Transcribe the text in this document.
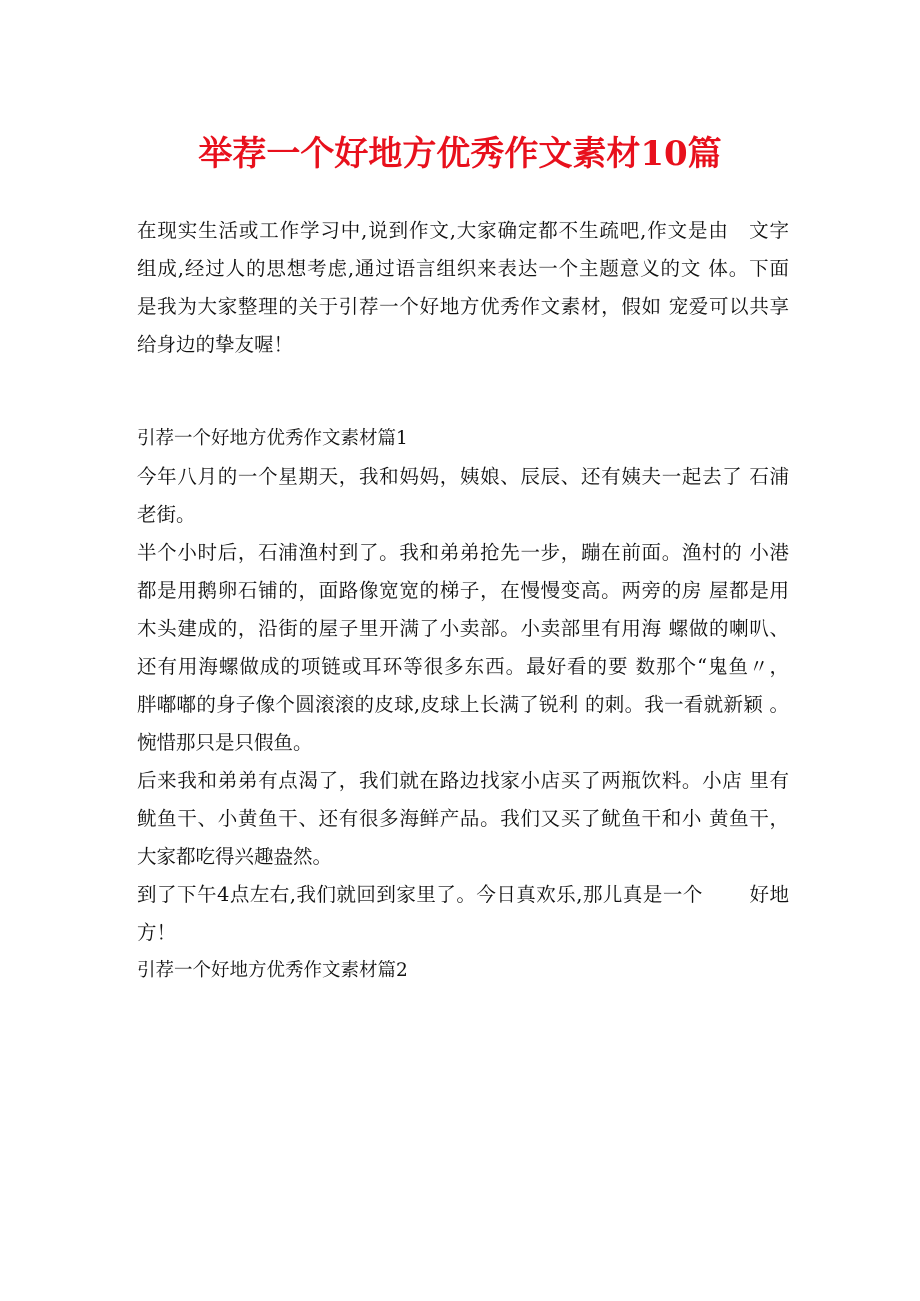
举荐一个好地方优秀作文素材10篇

在现实生活或工作学习中,说到作文,大家确定都不生疏吧,作文是由　文字

组成,经过人的思想考虑,通过语言组织来表达一个主题意义的文 体。下面

是我为大家整理的关于引荐一个好地方优秀作文素材，假如 宠爱可以共享

给身边的挚友喔！

引荐一个好地方优秀作文素材篇1

今年八月的一个星期天，我和妈妈，姨娘、辰辰、还有姨夫一起去了 石浦

老街。

半个小时后，石浦渔村到了。我和弟弟抢先一步，蹦在前面。渔村的 小港

都是用鹅卵石铺的，面路像宽宽的梯子，在慢慢变高。两旁的房 屋都是用

木头建成的，沿街的屋子里开满了小卖部。小卖部里有用海 螺做的喇叭、

还有用海螺做成的项链或耳环等很多东西。最好看的要 数那个“鬼鱼〃，

胖嘟嘟的身子像个圆滚滚的皮球,皮球上长满了锐利 的刺。我一看就新颖 。

惋惜那只是只假鱼。

后来我和弟弟有点渴了，我们就在路边找家小店买了两瓶饮料。小店 里有

鱿鱼干、小黄鱼干、还有很多海鲜产品。我们又买了鱿鱼干和小 黄鱼干，

大家都吃得兴趣盎然。

到了下午4点左右,我们就回到家里了。今日真欢乐,那儿真是一个　　 好地

方！

引荐一个好地方优秀作文素材篇2
